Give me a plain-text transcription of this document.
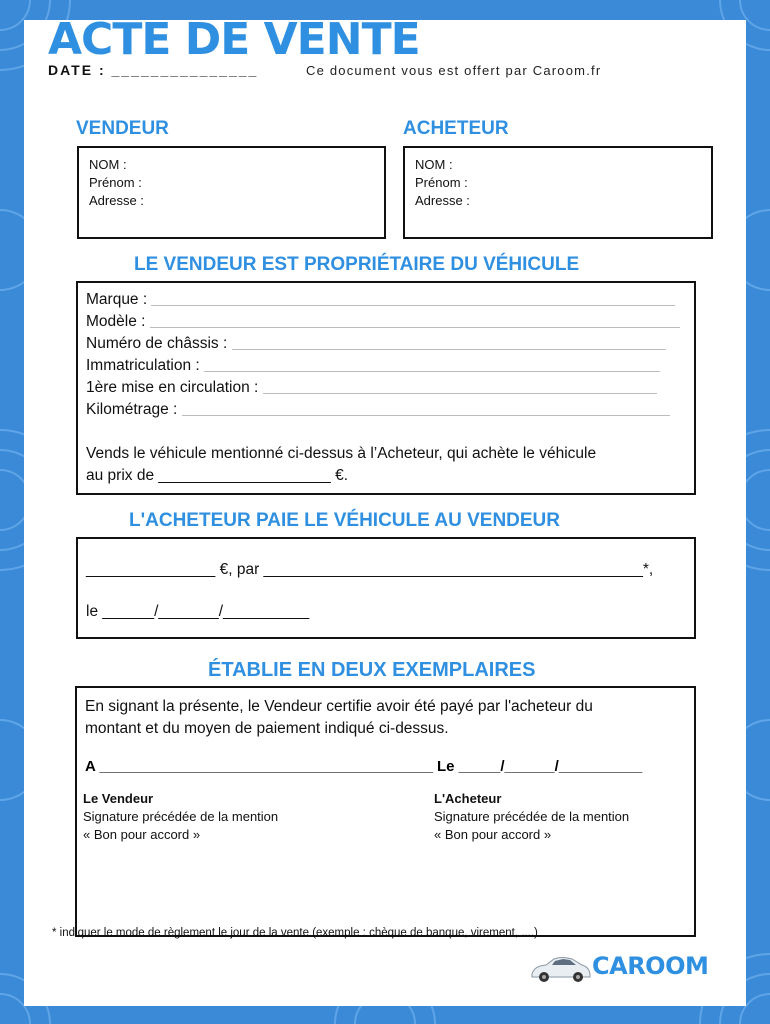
ACTE DE VENTE
DATE : _______________	Ce document vous est offert par Caroom.fr
VENDEUR	ACHETEUR
NOM :
Prénom :
Adresse :
NOM :
Prénom :
Adresse :
LE VENDEUR EST PROPRIÉTAIRE DU VÉHICULE
Marque :
Modèle :
Numéro de châssis :
Immatriculation :
1ère mise en circulation :
Kilométrage :
Vends le véhicule mentionné ci-dessus à l’Acheteur, qui achète le véhicule
au prix de ____________________ €.
L'ACHETEUR PAIE LE VÉHICULE AU VENDEUR
_______________ €, par ____________________________________________*,
le ______/_______/__________
ÉTABLIE EN DEUX EXEMPLAIRES
En signant la présente, le Vendeur certifie avoir été payé par l'acheteur du
montant et du moyen de paiement indiqué ci-dessus.
A ________________________________________ Le _____/______/__________
Le Vendeur
Signature précédée de la mention
« Bon pour accord »
L'Acheteur
Signature précédée de la mention
« Bon pour accord »
* indiquer le mode de règlement le jour de la vente (exemple : chèque de banque, virement, ....)
CAROOM
